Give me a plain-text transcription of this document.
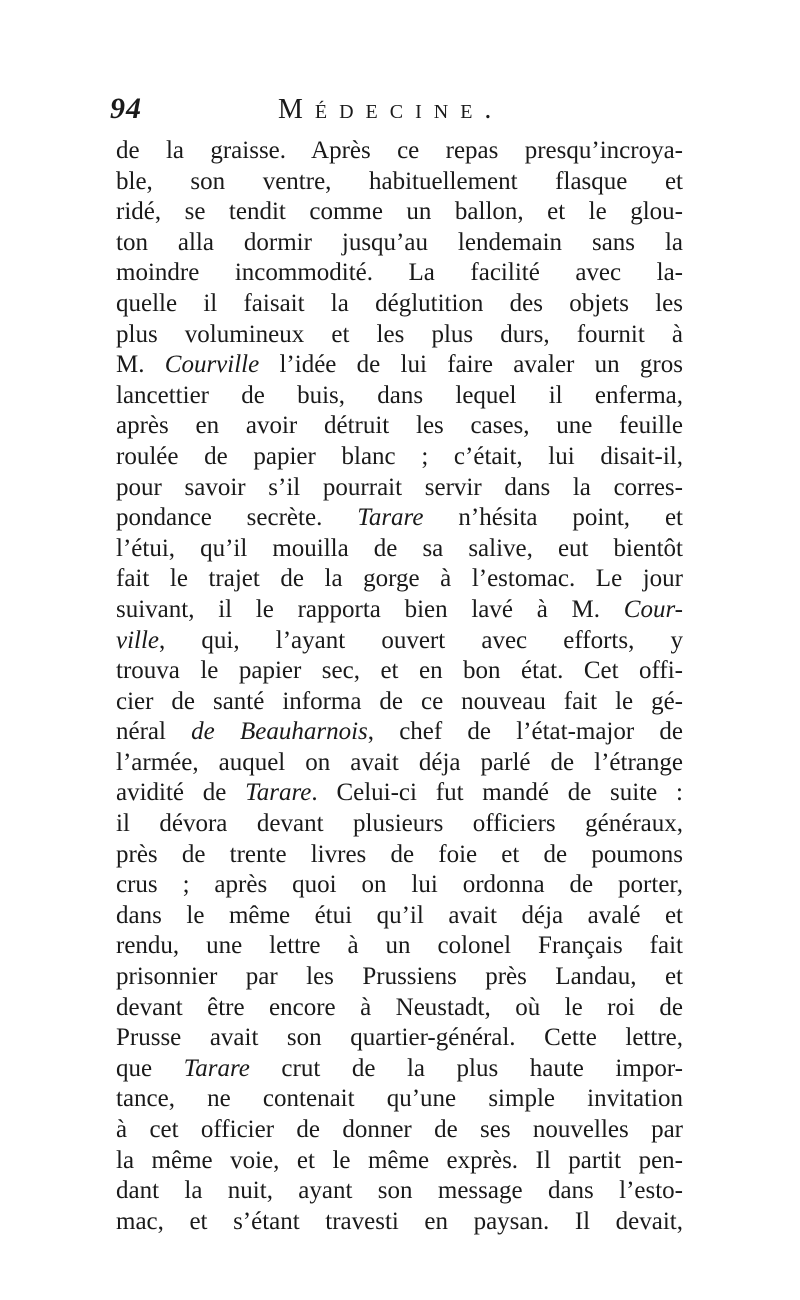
94	Médecine.
de la graisse. Après ce repas presqu’incroya-
ble, son ventre, habituellement flasque et
ridé, se tendit comme un ballon, et le glou-
ton alla dormir jusqu’au lendemain sans la
moindre incommodité. La facilité avec la-
quelle il faisait la déglutition des objets les
plus volumineux et les plus durs, fournit à
M. Courville l’idée de lui faire avaler un gros
lancettier de buis, dans lequel il enferma,
après en avoir détruit les cases, une feuille
roulée de papier blanc ; c’était, lui disait-il,
pour savoir s’il pourrait servir dans la corres-
pondance secrète. Tarare n’hésita point, et
l’étui, qu’il mouilla de sa salive, eut bientôt
fait le trajet de la gorge à l’estomac. Le jour
suivant, il le rapporta bien lavé à M. Cour-
ville, qui, l’ayant ouvert avec efforts, y
trouva le papier sec, et en bon état. Cet offi-
cier de santé informa de ce nouveau fait le gé-
néral de Beauharnois, chef de l’état-major de
l’armée, auquel on avait déja parlé de l’étrange
avidité de Tarare. Celui-ci fut mandé de suite :
il dévora devant plusieurs officiers généraux,
près de trente livres de foie et de poumons
crus ; après quoi on lui ordonna de porter,
dans le même étui qu’il avait déja avalé et
rendu, une lettre à un colonel Français fait
prisonnier par les Prussiens près Landau, et
devant être encore à Neustadt, où le roi de
Prusse avait son quartier-général. Cette lettre,
que Tarare crut de la plus haute impor-
tance, ne contenait qu’une simple invitation
à cet officier de donner de ses nouvelles par
la même voie, et le même exprès. Il partit pen-
dant la nuit, ayant son message dans l’esto-
mac, et s’étant travesti en paysan. Il devait,
